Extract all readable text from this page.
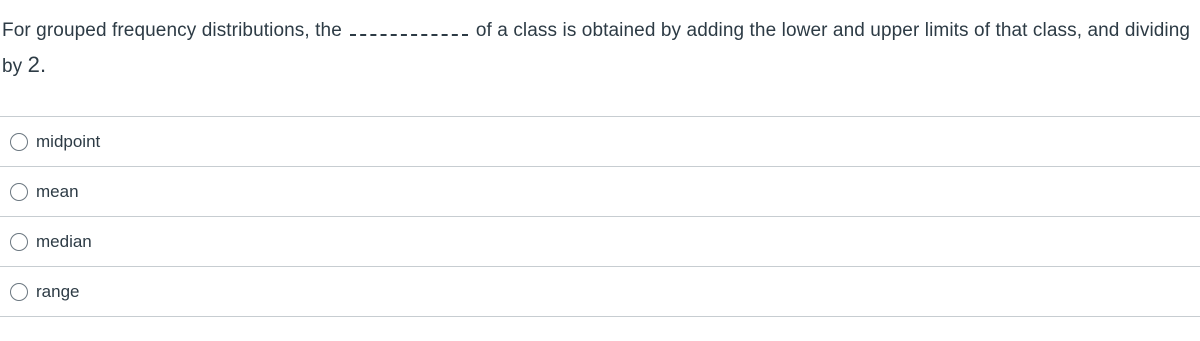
For grouped frequency distributions, the	of a class is obtained by adding the lower and upper limits of that class, and dividing by 2.
midpoint
mean
median
range
